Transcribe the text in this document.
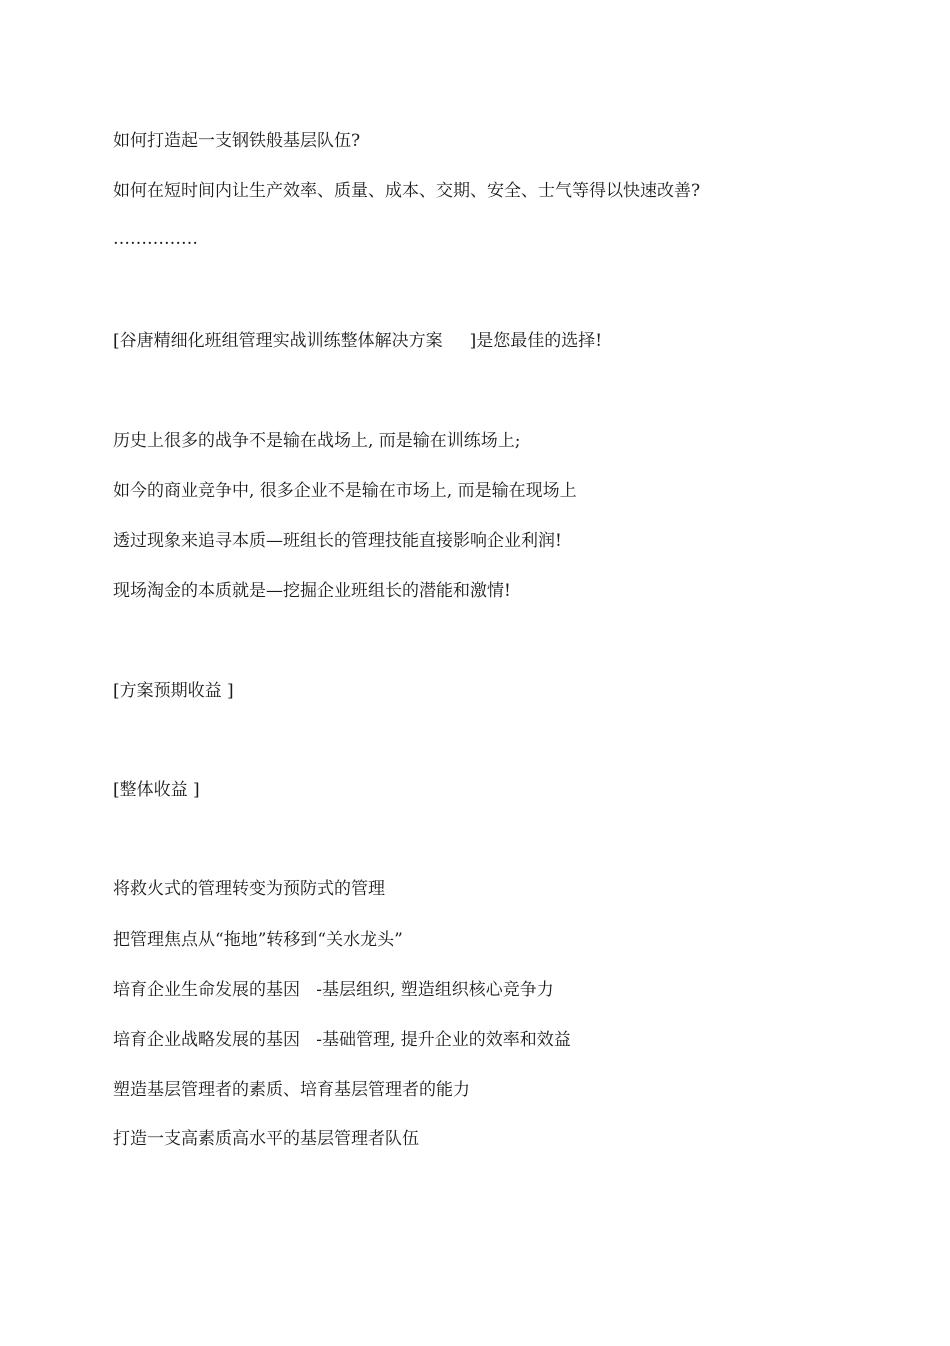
如何打造起一支钢铁般基层队伍?
如何在短时间内让生产效率、质量、成本、交期、安全、士气等得以快速改善?
……………
[谷唐精细化班组管理实战训练整体解决方案     ]是您最佳的选择!
历史上很多的战争不是输在战场上, 而是输在训练场上;
如今的商业竞争中, 很多企业不是输在市场上, 而是输在现场上
透过现象来追寻本质—班组长的管理技能直接影响企业利润!
现场淘金的本质就是—挖掘企业班组长的潜能和激情!
[方案预期收益 ]
[整体收益 ]
将救火式的管理转变为预防式的管理
把管理焦点从“拖地”转移到“关水龙头”
培育企业生命发展的基因   -基层组织, 塑造组织核心竞争力
培育企业战略发展的基因   -基础管理, 提升企业的效率和效益
塑造基层管理者的素质、培育基层管理者的能力
打造一支高素质高水平的基层管理者队伍
